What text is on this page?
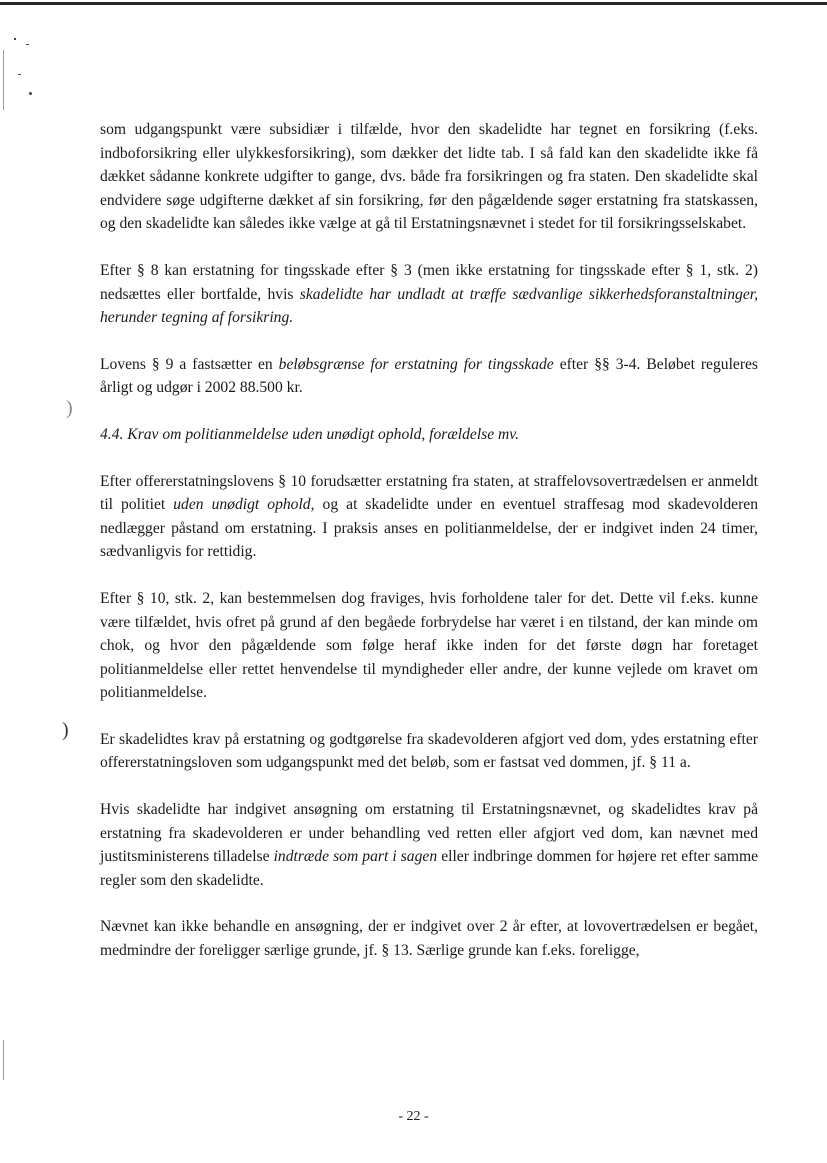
)
)

som udgangspunkt være subsidiær i tilfælde, hvor den skadelidte har tegnet en forsikring (f.eks. indboforsikring eller ulykkesforsikring), som dækker det lidte tab. I så fald kan den skadelidte ikke få dækket sådanne konkrete udgifter to gange, dvs. både fra forsikringen og fra staten. Den skadelidte skal endvidere søge udgifterne dækket af sin forsikring, før den pågældende søger erstatning fra statskassen, og den skadelidte kan således ikke vælge at gå til Erstatningsnævnet i stedet for til forsikringsselskabet.

Efter § 8 kan erstatning for tingsskade efter § 3 (men ikke erstatning for tingsskade efter § 1, stk. 2) nedsættes eller bortfalde, hvis skadelidte har undladt at træffe sædvanlige sikkerhedsforanstaltninger, herunder tegning af forsikring.

Lovens § 9 a fastsætter en beløbsgrænse for erstatning for tingsskade efter §§ 3-4. Beløbet reguleres årligt og udgør i 2002 88.500 kr.

4.4. Krav om politianmeldelse uden unødigt ophold, forældelse mv.

Efter offererstatningslovens § 10 forudsætter erstatning fra staten, at straffelovsovertrædelsen er anmeldt til politiet uden unødigt ophold, og at skadelidte under en eventuel straffesag mod skadevolderen nedlægger påstand om erstatning. I praksis anses en politianmeldelse, der er indgivet inden 24 timer, sædvanligvis for rettidig.

Efter § 10, stk. 2, kan bestemmelsen dog fraviges, hvis forholdene taler for det. Dette vil f.eks. kunne være tilfældet, hvis ofret på grund af den begåede forbrydelse har været i en tilstand, der kan minde om chok, og hvor den pågældende som følge heraf ikke inden for det første døgn har foretaget politianmeldelse eller rettet henvendelse til myndigheder eller andre, der kunne vejlede om kravet om politianmeldelse.

Er skadelidtes krav på erstatning og godtgørelse fra skadevolderen afgjort ved dom, ydes erstatning efter offererstatningsloven som udgangspunkt med det beløb, som er fastsat ved dommen, jf. § 11 a.

Hvis skadelidte har indgivet ansøgning om erstatning til Erstatningsnævnet, og skadelidtes krav på erstatning fra skadevolderen er under behandling ved retten eller afgjort ved dom, kan nævnet med justitsministerens tilladelse indtræde som part i sagen eller indbringe dommen for højere ret efter samme regler som den skadelidte.

Nævnet kan ikke behandle en ansøgning, der er indgivet over 2 år efter, at lovovertrædelsen er begået, medmindre der foreligger særlige grunde, jf. § 13. Særlige grunde kan f.eks. foreligge,

- 22 -
